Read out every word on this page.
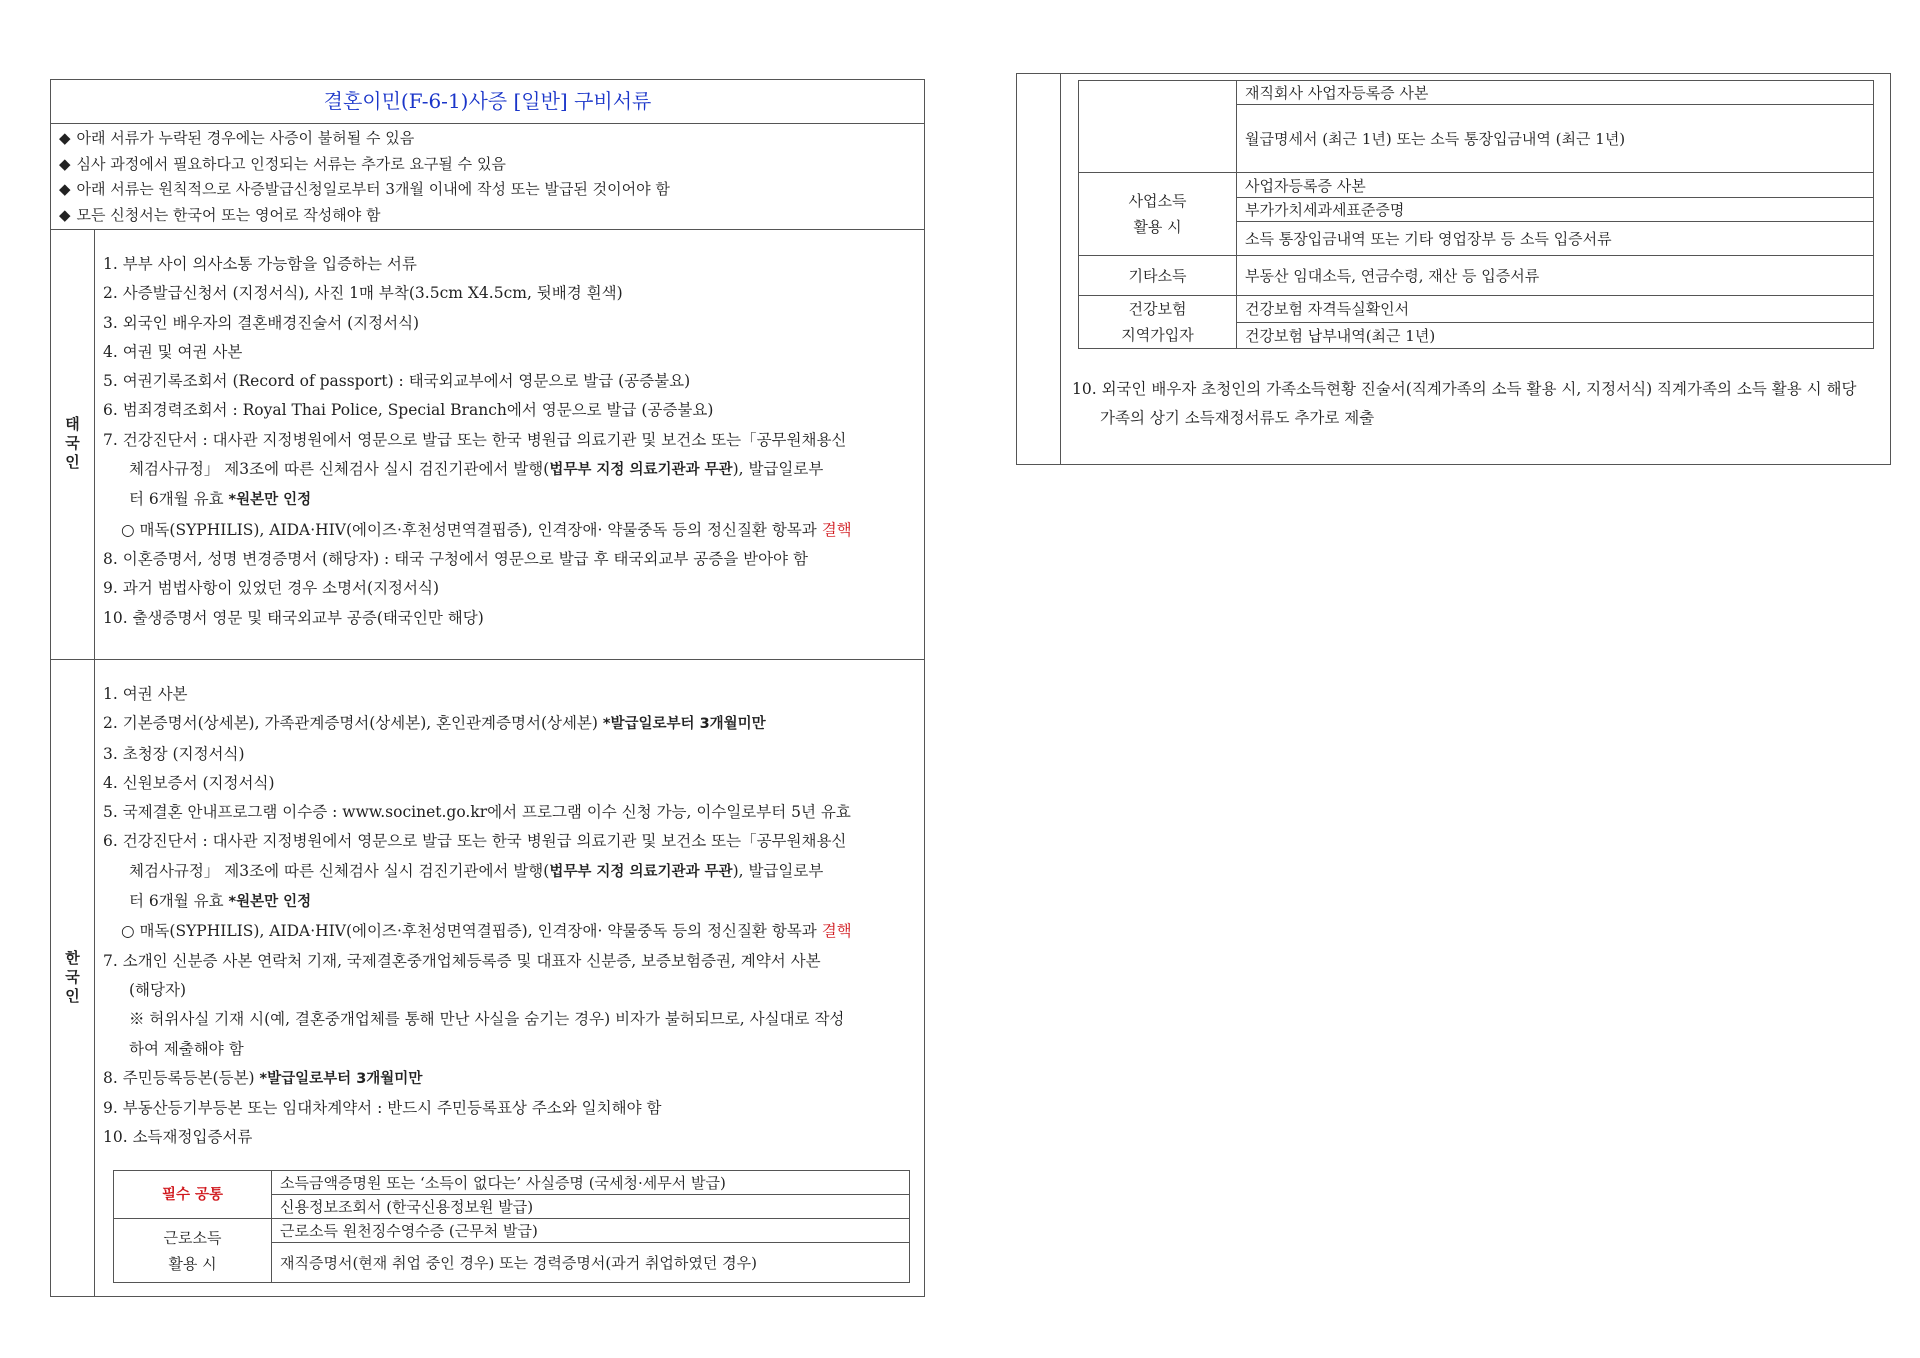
결혼이민(F-6-1)사증 [일반] 구비서류
◆ 아래 서류가 누락된 경우에는 사증이 불허될 수 있음
◆ 심사 과정에서 필요하다고 인정되는 서류는 추가로 요구될 수 있음
◆ 아래 서류는 원칙적으로 사증발급신청일로부터 3개월 이내에 작성 또는 발급된 것이어야 함
◆ 모든 신청서는 한국어 또는 영어로 작성해야 함
태국인
1. 부부 사이 의사소통 가능함을 입증하는 서류
2. 사증발급신청서 (지정서식), 사진 1매 부착(3.5cm X4.5cm, 뒷배경 흰색)
3. 외국인 배우자의 결혼배경진술서 (지정서식)
4. 여권 및 여권 사본
5. 여권기록조회서 (Record of passport) : 태국외교부에서 영문으로 발급 (공증불요)
6. 범죄경력조회서 : Royal Thai Police, Special Branch에서 영문으로 발급 (공증불요)
7. 건강진단서 : 대사관 지정병원에서 영문으로 발급 또는 한국 병원급 의료기관 및 보건소 또는「공무원채용신
체검사규정」 제3조에 따른 신체검사 실시 검진기관에서 발행(법무부 지정 의료기관과 무관), 발급일로부
터 6개월 유효 *원본만 인정
○ 매독(SYPHILIS), AIDA·HIV(에이즈·후천성면역결핍증), 인격장애· 약물중독 등의 정신질환 항목과 결핵
8. 이혼증명서, 성명 변경증명서 (해당자) : 태국 구청에서 영문으로 발급 후 태국외교부 공증을 받아야 함
9. 과거 범법사항이 있었던 경우 소명서(지정서식)
10. 출생증명서 영문 및 태국외교부 공증(태국인만 해당)
한국인
1. 여권 사본
2. 기본증명서(상세본), 가족관계증명서(상세본), 혼인관계증명서(상세본) *발급일로부터 3개월미만
3. 초청장 (지정서식)
4. 신원보증서 (지정서식)
5. 국제결혼 안내프로그램 이수증 : www.socinet.go.kr에서 프로그램 이수 신청 가능, 이수일로부터 5년 유효
6. 건강진단서 : 대사관 지정병원에서 영문으로 발급 또는 한국 병원급 의료기관 및 보건소 또는「공무원채용신
체검사규정」 제3조에 따른 신체검사 실시 검진기관에서 발행(법무부 지정 의료기관과 무관), 발급일로부
터 6개월 유효 *원본만 인정
○ 매독(SYPHILIS), AIDA·HIV(에이즈·후천성면역결핍증), 인격장애· 약물중독 등의 정신질환 항목과 결핵
7. 소개인 신분증 사본 연락처 기재, 국제결혼중개업체등록증 및 대표자 신분증, 보증보험증권, 계약서 사본
(해당자)
※ 허위사실 기재 시(예, 결혼중개업체를 통해 만난 사실을 숨기는 경우) 비자가 불허되므로, 사실대로 작성
하여 제출해야 함
8. 주민등록등본(등본) *발급일로부터 3개월미만
9. 부동산등기부등본 또는 임대차계약서 : 반드시 주민등록표상 주소와 일치해야 함
10. 소득재정입증서류
필수 공통	소득금액증명원 또는 ‘소득이 없다는’ 사실증명 (국세청·세무서 발급)
	신용정보조회서 (한국신용정보원 발급)

근로소득
활용 시	근로소득 원천징수영수증 (근무처 발급)
	재직증명서(현재 취업 중인 경우) 또는 경력증명서(과거 취업하였던 경우)
	재직회사 사업자등록증 사본
	월급명세서 (최근 1년) 또는 소득 통장입금내역 (최근 1년)

사업소득
활용 시	사업자등록증 사본
	부가가치세과세표준증명
	소득 통장입금내역 또는 기타 영업장부 등 소득 입증서류
기타소득	부동산 임대소득, 연금수령, 재산 등 입증서류

건강보험
지역가입자	건강보험 자격득실확인서
	건강보험 납부내역(최근 1년)
10. 외국인 배우자 초청인의 가족소득현황 진술서(직계가족의 소득 활용 시, 지정서식) 직계가족의 소득 활용 시 해당 가족의 상기 소득재정서류도 추가로 제출
